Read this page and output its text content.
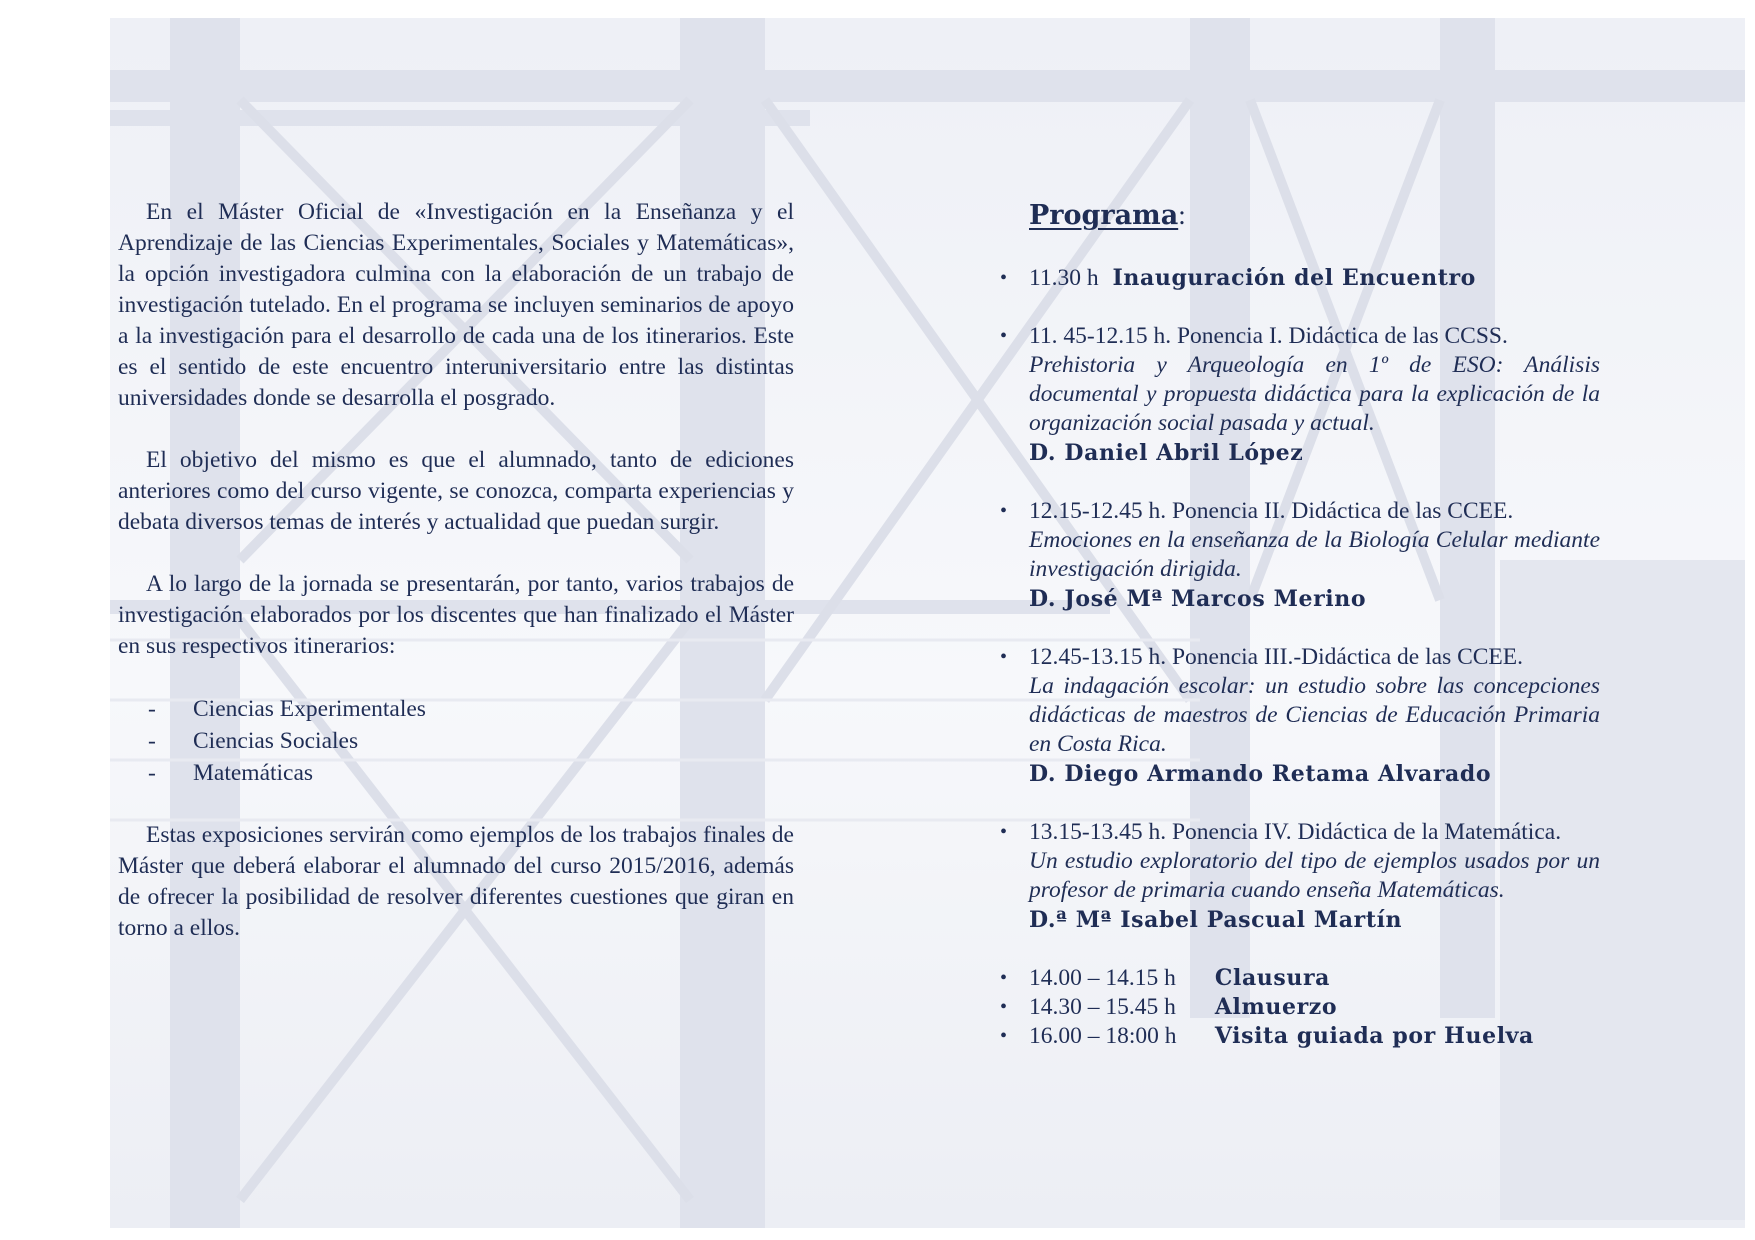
En el Máster Oficial de «Investigación en la Enseñanza y el Aprendizaje de las Ciencias Experimentales, Sociales y Matemáticas», la opción investigadora culmina con la elaboración de un trabajo de investigación tutelado. En el programa se incluyen seminarios de apoyo a la investigación para el desarrollo de cada una de los itinerarios. Este es el sentido de este encuentro interuniversitario entre las distintas universidades donde se desarrolla el posgrado.

El objetivo del mismo es que el alumnado, tanto de ediciones anteriores como del curso vigente, se conozca, comparta experiencias y debata diversos temas de interés y actualidad que puedan surgir.

A lo largo de la jornada se presentarán, por tanto, varios trabajos de investigación elaborados por los discentes que han finalizado el Máster en sus respectivos itinerarios:

- Ciencias Experimentales
- Ciencias Sociales
- Matemáticas

Estas exposiciones servirán como ejemplos de los trabajos finales de Máster que deberá elaborar el alumnado del curso 2015/2016, además de ofrecer la posibilidad de resolver diferentes cuestiones que giran en torno a ellos.

Programa:
• 11.30 h Inauguración del Encuentro
• 11. 45-12.15 h. Ponencia I. Didáctica de las CCSS.
Prehistoria y Arqueología en 1º de ESO: Análisis documental y propuesta didáctica para la explicación de la organización social pasada y actual.
D. Daniel Abril López
• 12.15-12.45 h. Ponencia II. Didáctica de las CCEE.
Emociones en la enseñanza de la Biología Celular mediante investigación dirigida.
D. José Mª Marcos Merino
• 12.45-13.15 h. Ponencia III.-Didáctica de las CCEE.
La indagación escolar: un estudio sobre las concepciones didácticas de maestros de Ciencias de Educación Primaria en Costa Rica.
D. Diego Armando Retama Alvarado
• 13.15-13.45 h. Ponencia IV. Didáctica de la Matemática.
Un estudio exploratorio del tipo de ejemplos usados por un profesor de primaria cuando enseña Matemáticas.
D.ª Mª Isabel Pascual Martín
• 14.00 – 14.15 h Clausura
• 14.30 – 15.45 h Almuerzo
• 16.00 – 18:00 h Visita guiada por Huelva
